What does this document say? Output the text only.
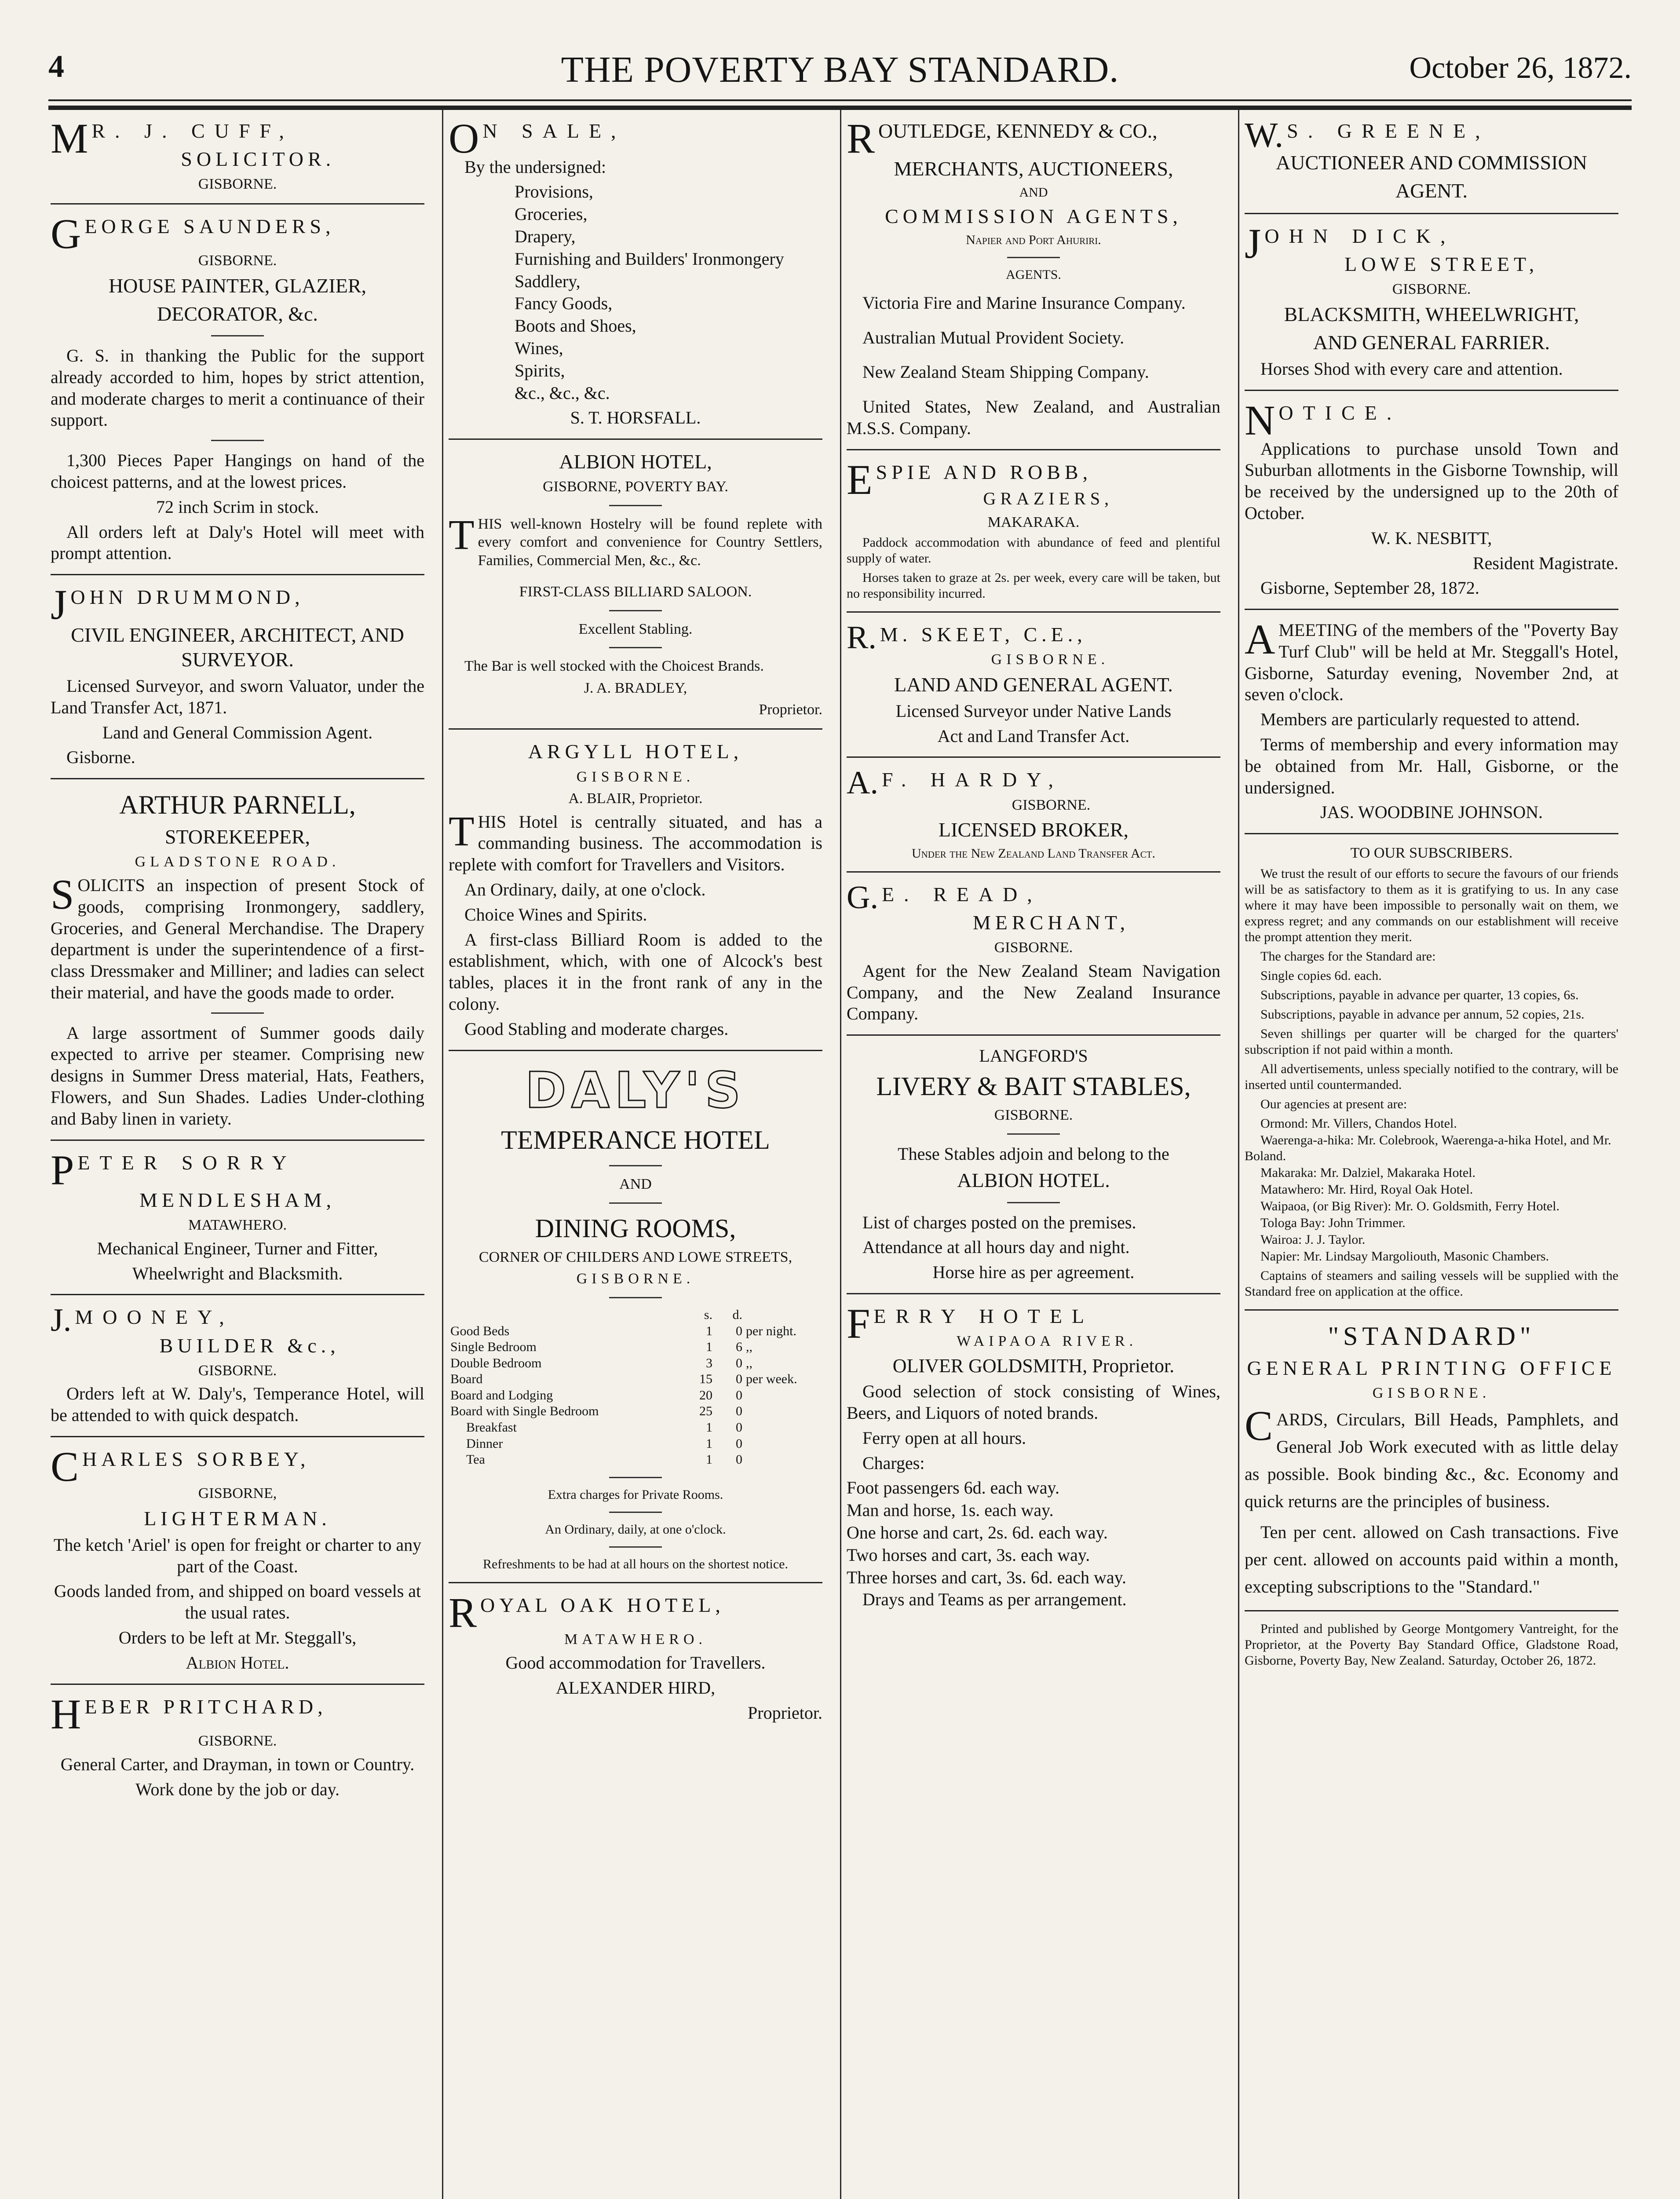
4	THE POVERTY BAY STANDARD.	October 26, 1872.
M R. J. CUFF,

SOLICITOR.

GISBORNE.

GEORGE SAUNDERS,

GISBORNE.

HOUSE PAINTER, GLAZIER,

DECORATOR, &c.

G. S. in thanking the Public for the support already accorded to him, hopes by strict attention, and moderate charges to merit a continuance of their support.

1,300 Pieces Paper Hangings on hand of the choicest patterns, and at the lowest prices.

72 inch Scrim in stock.

All orders left at Daly's Hotel will meet with prompt attention.

JOHN DRUMMOND,

CIVIL ENGINEER, ARCHITECT, AND SURVEYOR.

Licensed Surveyor, and sworn Valuator, under the Land Transfer Act, 1871.

Land and General Commission Agent.

Gisborne.

ARTHUR PARNELL,

STOREKEEPER,

GLADSTONE ROAD.

SOLICITS an inspection of present Stock of goods, comprising Ironmongery, saddlery, Groceries, and General Merchandise. The Drapery department is under the superintendence of a first-class Dressmaker and Milliner; and ladies can select their material, and have the goods made to order.

A large assortment of Summer goods daily expected to arrive per steamer. Comprising new designs in Summer Dress material, Hats, Feathers, Flowers, and Sun Shades. Ladies Under-clothing and Baby linen in variety.

PETER SORRY

MENDLESHAM,

MATAWHERO.

Mechanical Engineer, Turner and Fitter,

Wheelwright and Blacksmith.

J. MOONEY,

BUILDER &c.,

GISBORNE.

Orders left at W. Daly's, Temperance Hotel, will be attended to with quick despatch.

CHARLES SORBEY,

GISBORNE,

LIGHTERMAN.

The ketch 'Ariel' is open for freight or charter to any part of the Coast.

Goods landed from, and shipped on board vessels at the usual rates.

Orders to be left at Mr. Steggall's,

Albion Hotel.

HEBER PRITCHARD,

GISBORNE.

General Carter, and Drayman, in town or Country.

Work done by the job or day.

O N SALE,

By the undersigned:

Provisions,

Groceries,

Drapery,

Furnishing and Builders' Ironmongery

Saddlery,

Fancy Goods,

Boots and Shoes,

Wines,

Spirits,

&c., &c., &c.

S. T. HORSFALL.

ALBION HOTEL,

GISBORNE, POVERTY BAY.

THIS well-known Hostelry will be found replete with every comfort and convenience for Country Settlers, Families, Commercial Men, &c., &c.

FIRST-CLASS BILLIARD SALOON.

Excellent Stabling.

The Bar is well stocked with the Choicest Brands.

J. A. BRADLEY,

Proprietor.

ARGYLL HOTEL,

GISBORNE.

A. BLAIR, Proprietor.

THIS Hotel is centrally situated, and has a commanding business. The accommodation is replete with comfort for Travellers and Visitors.

An Ordinary, daily, at one o'clock.

Choice Wines and Spirits.

A first-class Billiard Room is added to the establishment, which, with one of Alcock's best tables, places it in the front rank of any in the colony.

Good Stabling and moderate charges.

DALY'S

TEMPERANCE HOTEL

AND

DINING ROOMS,

CORNER OF CHILDERS AND LOWE STREETS,

GISBORNE.

	s.	d.	
Good Beds	1	0	per night.
Single Bedroom	1	6	,,
Double Bedroom	3	0	,,
Board	15	0	per week.
Board and Lodging	20	0	
Board with Single Bedroom	25	0	
Breakfast	1	0	
Dinner	1	0	
Tea	1	0	

Extra charges for Private Rooms.

An Ordinary, daily, at one o'clock.

Refreshments to be had at all hours on the shortest notice.

ROYAL OAK HOTEL,

MATAWHERO.

Good accommodation for Travellers.

ALEXANDER HIRD,

Proprietor.

ROUTLEDGE, KENNEDY & CO.,

MERCHANTS, AUCTIONEERS,

AND

COMMISSION AGENTS,

Napier and Port Ahuriri.

AGENTS.

Victoria Fire and Marine Insurance Company.

Australian Mutual Provident Society.

New Zealand Steam Shipping Company.

United States, New Zealand, and Australian M.S.S. Company.

ESPIE AND ROBB,

GRAZIERS,

MAKARAKA.

Paddock accommodation with abundance of feed and plentiful supply of water.

Horses taken to graze at 2s. per week, every care will be taken, but no responsibility incurred.

R. M. SKEET, C.E.,

GISBORNE.

LAND AND GENERAL AGENT.

Licensed Surveyor under Native Lands

Act and Land Transfer Act.

A. F. HARDY,

GISBORNE.

LICENSED BROKER,

Under the New Zealand Land Transfer Act.

G. E. READ,

MERCHANT,

GISBORNE.

Agent for the New Zealand Steam Navigation Company, and the New Zealand Insurance Company.

LANGFORD'S

LIVERY & BAIT STABLES,

GISBORNE.

These Stables adjoin and belong to the

ALBION HOTEL.

List of charges posted on the premises.

Attendance at all hours day and night.

Horse hire as per agreement.

FERRY HOTEL

WAIPAOA RIVER.

OLIVER GOLDSMITH, Proprietor.

Good selection of stock consisting of Wines, Beers, and Liquors of noted brands.

Ferry open at all hours.

Charges:

Foot passengers 6d. each way.

Man and horse, 1s. each way.

One horse and cart, 2s. 6d. each way.

Two horses and cart, 3s. each way.

Three horses and cart, 3s. 6d. each way.

Drays and Teams as per arrangement.

W. S. GREENE,

AUCTIONEER AND COMMISSION

AGENT.

JOHN DICK,

LOWE STREET,

GISBORNE.

BLACKSMITH, WHEELWRIGHT,

AND GENERAL FARRIER.

Horses Shod with every care and attention.

NOTICE.

Applications to purchase unsold Town and Suburban allotments in the Gisborne Township, will be received by the undersigned up to the 20th of October.

W. K. NESBITT,

Resident Magistrate.

Gisborne, September 28, 1872.

AMEETING of the members of the "Poverty Bay Turf Club" will be held at Mr. Steggall's Hotel, Gisborne, Saturday evening, November 2nd, at seven o'clock.

Members are particularly requested to attend.

Terms of membership and every information may be obtained from Mr. Hall, Gisborne, or the undersigned.

JAS. WOODBINE JOHNSON.

TO OUR SUBSCRIBERS.

We trust the result of our efforts to secure the favours of our friends will be as satisfactory to them as it is gratifying to us. In any case where it may have been impossible to personally wait on them, we express regret; and any commands on our establishment will receive the prompt attention they merit.

The charges for the Standard are:

Single copies 6d. each.

Subscriptions, payable in advance per quarter, 13 copies, 6s.

Subscriptions, payable in advance per annum, 52 copies, 21s.

Seven shillings per quarter will be charged for the quarters' subscription if not paid within a month.

All advertisements, unless specially notified to the contrary, will be inserted until countermanded.

Our agencies at present are:

Ormond: Mr. Villers, Chandos Hotel.

Waerenga-a-hika: Mr. Colebrook, Waerenga-a-hika Hotel, and Mr. Boland.

Makaraka: Mr. Dalziel, Makaraka Hotel.

Matawhero: Mr. Hird, Royal Oak Hotel.

Waipaoa, (or Big River): Mr. O. Goldsmith, Ferry Hotel.

Tologa Bay: John Trimmer.

Wairoa: J. J. Taylor.

Napier: Mr. Lindsay Margoliouth, Masonic Chambers.

Captains of steamers and sailing vessels will be supplied with the Standard free on application at the office.

"STANDARD"

GENERAL PRINTING OFFICE

GISBORNE.

CARDS, Circulars, Bill Heads, Pamphlets, and General Job Work executed with as little delay as possible. Book binding &c., &c. Economy and quick returns are the principles of business.

Ten per cent. allowed on Cash transactions. Five per cent. allowed on accounts paid within a month, excepting subscriptions to the "Standard."

Printed and published by George Montgomery Vantreight, for the Proprietor, at the Poverty Bay Standard Office, Gladstone Road, Gisborne, Poverty Bay, New Zealand. Saturday, October 26, 1872.
